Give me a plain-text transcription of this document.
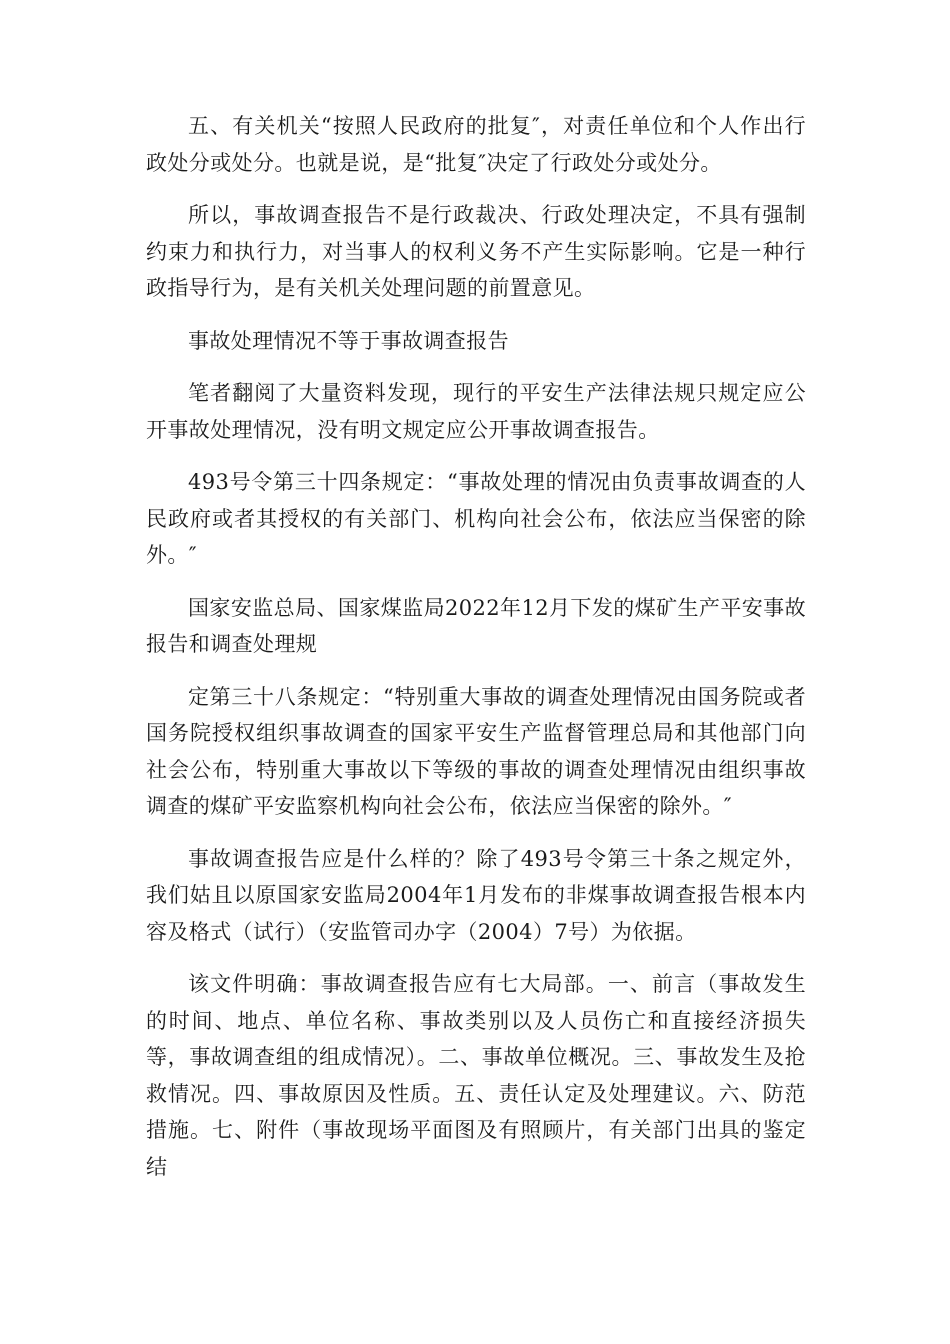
五、有关机关“按照人民政府的批复″，对责任单位和个人作出行政处分或处分。也就是说，是“批复″决定了行政处分或处分。

所以，事故调查报告不是行政裁决、行政处理决定，不具有强制约束力和执行力，对当事人的权利义务不产生实际影响。它是一种行政指导行为，是有关机关处理问题的前置意见。

事故处理情况不等于事故调查报告

笔者翻阅了大量资料发现，现行的平安生产法律法规只规定应公开事故处理情况，没有明文规定应公开事故调查报告。

493号令第三十四条规定：“事故处理的情况由负责事故调查的人民政府或者其授权的有关部门、机构向社会公布，依法应当保密的除外。″

国家安监总局、国家煤监局2022年12月下发的煤矿生产平安事故报告和调查处理规

定第三十八条规定：“特别重大事故的调查处理情况由国务院或者国务院授权组织事故调查的国家平安生产监督管理总局和其他部门向社会公布，特别重大事故以下等级的事故的调查处理情况由组织事故调查的煤矿平安监察机构向社会公布，依法应当保密的除外。″

事故调查报告应是什么样的？除了493号令第三十条之规定外，我们姑且以原国家安监局2004年1月发布的非煤事故调查报告根本内容及格式（试行）（安监管司办字（2004）7号）为依据。

该文件明确：事故调查报告应有七大局部。一、前言（事故发生的时间、地点、单位名称、事故类别以及人员伤亡和直接经济损失等，事故调查组的组成情况）。二、事故单位概况。三、事故发生及抢救情况。四、事故原因及性质。五、责任认定及处理建议。六、防范措施。七、附件（事故现场平面图及有照顾片，有关部门出具的鉴定结
